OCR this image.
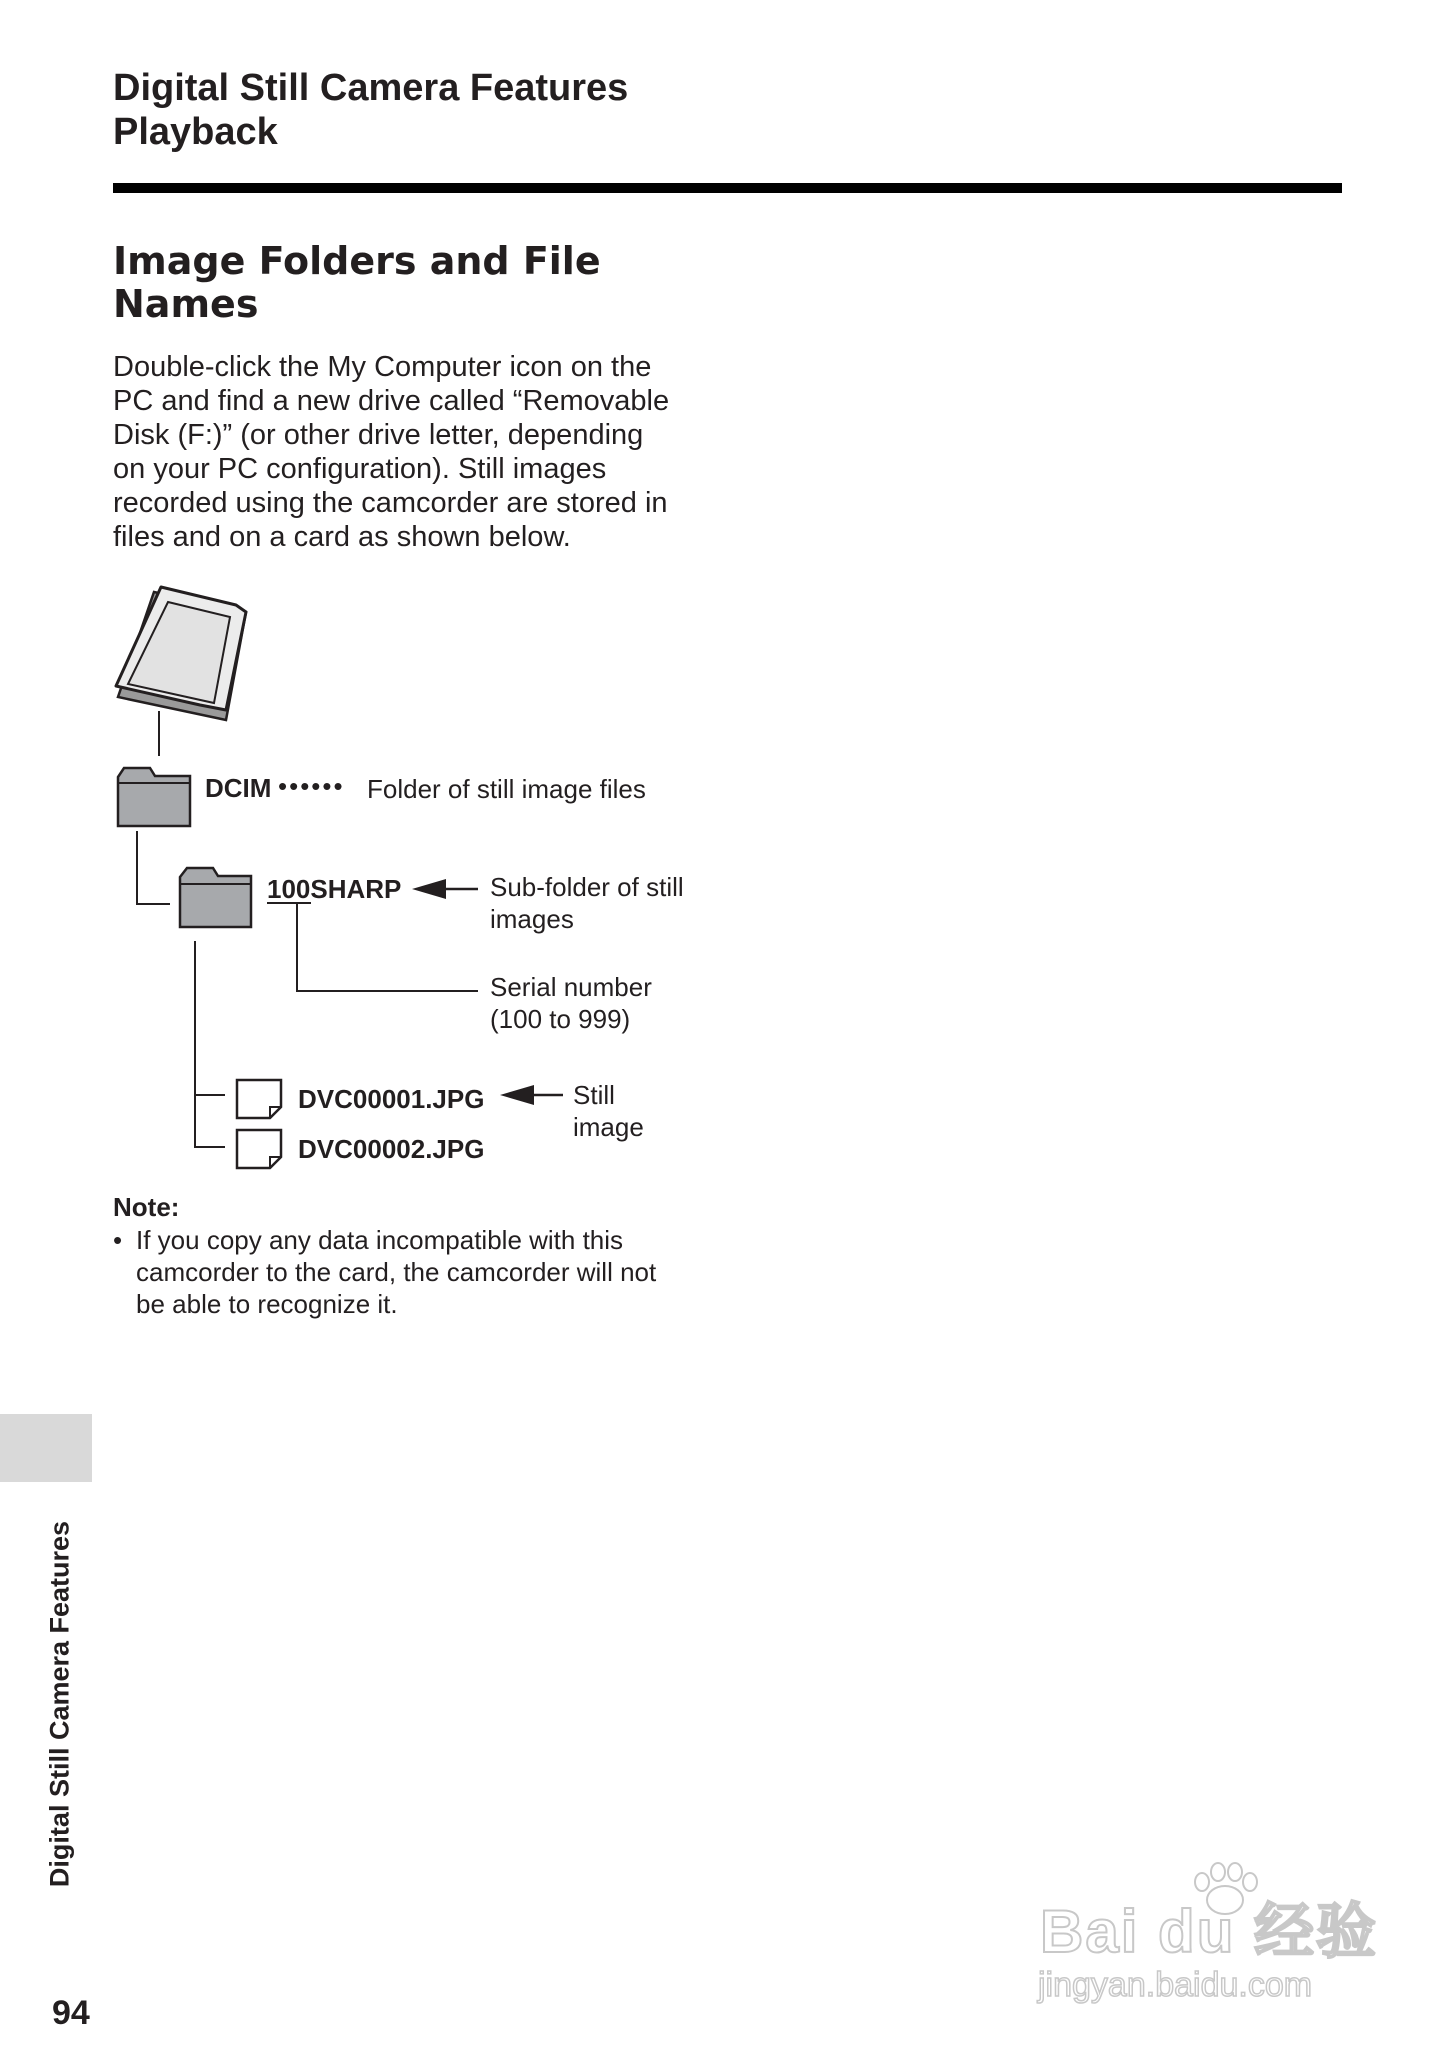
Digital Still Camera Features
Playback
Image Folders and File
Names
Double-click the My Computer icon on the
PC and find a new drive called “Removable
Disk (F:)” (or other drive letter, depending
on your PC configuration). Still images
recorded using the camcorder are stored in
files and on a card as shown below.
DCIM •••••• Folder of still image files
100SHARP	Sub-folder of still
images
Serial number
(100 to 999)
DVC00001.JPG
DVC00002.JPG
Still
image
Note:
• If you copy any data incompatible with this
camcorder to the card, the camcorder will not
be able to recognize it.
Digital Still Camera Features
94
Bai du 经验
jingyan.baidu.com
